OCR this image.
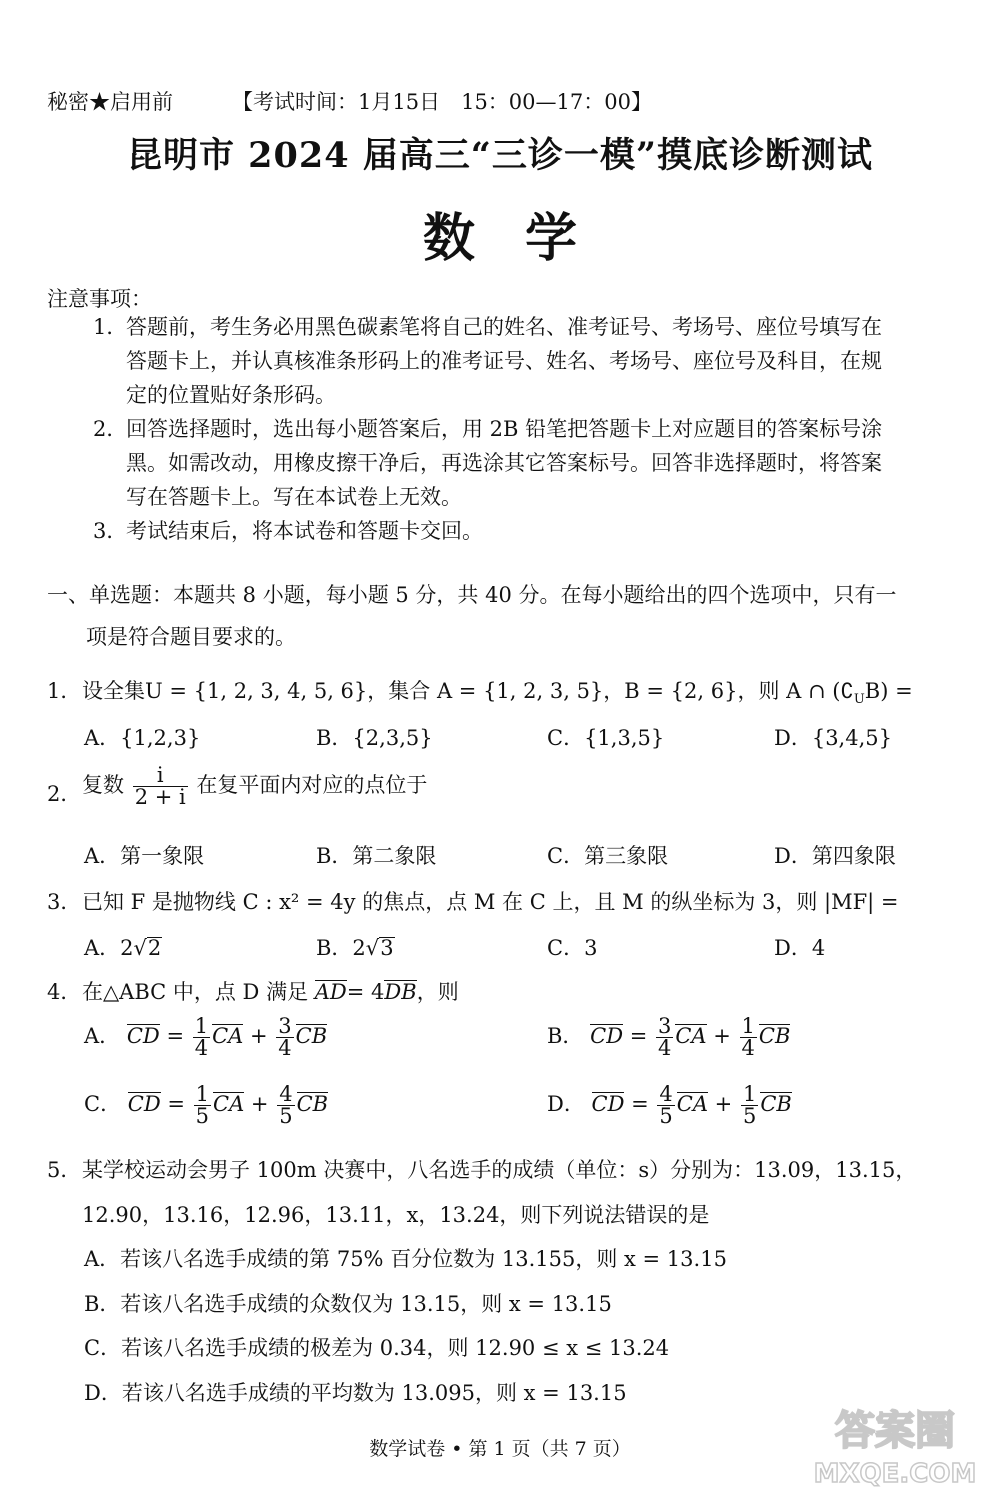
秘密★启用前	【考试时间：1月15日　15：00—17：00】
昆明市 2024 届高三“三诊一模”摸底诊断测试
数学
注意事项：
1．
答题前，考生务必用黑色碳素笔将自己的姓名、准考证号、考场号、座位号填写在
答题卡上，并认真核准条形码上的准考证号、姓名、考场号、座位号及科目，在规
定的位置贴好条形码。
2．
回答选择题时，选出每小题答案后，用 2B 铅笔把答题卡上对应题目的答案标号涂
黑。如需改动，用橡皮擦干净后，再选涂其它答案标号。回答非选择题时，将答案
写在答题卡上。写在本试卷上无效。
3．
考试结束后，将本试卷和答题卡交回。
一、单选题：本题共 8 小题，每小题 5 分，共 40 分。在每小题给出的四个选项中，只有一
项是符合题目要求的。
1． 设全集U = {1, 2, 3, 4, 5, 6}，集合 A = {1, 2, 3, 5}，B = {2, 6}，则 A ∩ $(∁_UB)$ =
A．{1,2,3}	B．{2,3,5}	C．{1,3,5}	D．{3,4,5}
2． 复数 $\frac{i}{2 + i}$ 在复平面内对应的点位于
A．第一象限	B．第二象限	C．第三象限	D．第四象限
3． 已知 F 是抛物线 C : x² = 4y 的焦点，点 M 在 C 上，且 M 的纵坐标为 3，则 |MF| =
A．2√2	B．2√3	C．3	D．4
4． 在△ABC 中，点 D 满足 AD= 4DB，则
A． CD = $\frac{1}{4}$ CA + $\frac{3}{4}$ CB	B． CD = $\frac{3}{4}$ CA + $\frac{1}{4}$ CB
C． CD = $\frac{1}{5}$ CA + $\frac{4}{5}$ CB	D． CD = $\frac{4}{5}$ CA + $\frac{1}{5}$ CB
5． 某学校运动会男子 100m 决赛中，八名选手的成绩（单位：s）分别为：13.09，13.15，
12.90，13.16，12.96，13.11，x，13.24，则下列说法错误的是
A．若该八名选手成绩的第 75% 百分位数为 13.155，则 x = 13.15
B．若该八名选手成绩的众数仅为 13.15，则 x = 13.15
C．若该八名选手成绩的极差为 0.34，则 12.90 ≤ x ≤ 13.24
D．若该八名选手成绩的平均数为 13.095，则 x = 13.15
数学试卷 • 第 1 页（共 7 页）	答案圈
MXQE.COM
